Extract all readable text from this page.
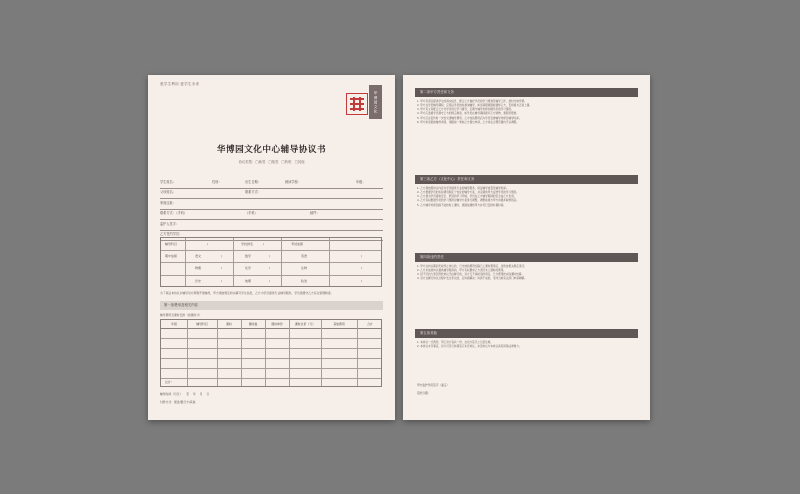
惠学生利用 惠学生未来
华博园文化
华博园文化中心辅导协议书
协议类型：□新签 □续签 □转班 □其他
学生姓名：	性别：	出生日期：	就读学校：	年级：
父母姓名：	联系方式：
家庭住址：
联系方式：（手机）	（手机）	邮件：
监护人签字：
乙方签约学员：
辅导科目	/	学校排名	/	考试成绩
期中成绩	语文	/	数学	/	英语	/
物理	/	化学	/	生物	/
历史	/	地理	/	政治	/
为了保证本协议书辅导双方顺利开展辅导，甲方须按规定如实填写学生信息，乙方为学员提供专业辅导服务，学员须遵守乙方有关管理制度。
第一条费用及相关内容
辅导费用及课时安排（按课时计）
年级	辅导科目	课时	课时数	课时单价	课时总价（元）	其他费用	合计
总计：
辅导时间（月日） 至 年 月 日
付款方式：现金/银行卡/其他
第二条甲方责任和义务

1. 甲方有责任提供学生的真实信息，配合乙方做好学员的学习规划及辅导工作，按时交纳学费。

2. 甲方在学员辅导期间，应保证学员按时参加辅导，如需请假须提前通知乙方，否则视为正常上课。

3. 甲方有义务配合乙方对学员进行学习督导，定期与辅导老师沟通学员的学习情况。

4. 甲方应监督学员遵守乙方的规章制度，如学员在辅导期间损坏乙方财物，须照价赔偿。

5. 甲方应在签约时一次性交清辅导费用，乙方收到费用后为学员安排辅导老师及辅导时间。

6. 甲方如需更换辅导老师，须提前一周向乙方提出申请，乙方将在合理范围内予以调整。

第三条乙方（文化中心）责任和义务

1. 乙方须按照协议内容为学员提供专业的辅导服务，保证辅导质量及辅导时间。

2. 乙方根据学员的实际情况制定个性化的辅导方案，并定期向甲方反馈学员的学习情况。

3. 乙方须为学员提供安全、舒适的学习环境，学员在乙方辅导期间的安全由乙方负责。

4. 乙方有权根据学员的学习情况对辅导方案进行调整，调整前须与甲方沟通并取得同意。

5. 乙方辅导老师因故不能按时上课时，须提前通知甲方并另行安排补课时间。

第四条违约责任

1. 甲方在协议期间无故终止协议的，已交纳的费用扣除已上课时费用后，余款按相关规定退还。

2. 乙方未能按协议提供辅导服务的，甲方有权要求乙方退还未上课时的费用。

3. 因不可抗力原因导致协议无法履行的，双方互不承担违约责任，已交费用按实际课时结算。

4. 双方在履行协议过程中发生争议的，应协商解决；协商不成的，可向当地有关部门申请调解。

第五条其他

1. 本协议一式两份，甲乙双方各执一份，自双方签字之日起生效。

2. 本协议未尽事宜，双方可另行协商签订补充协议，补充协议与本协议具有同等法律效力。

甲方监护学员签字（盖章）
签约日期：
